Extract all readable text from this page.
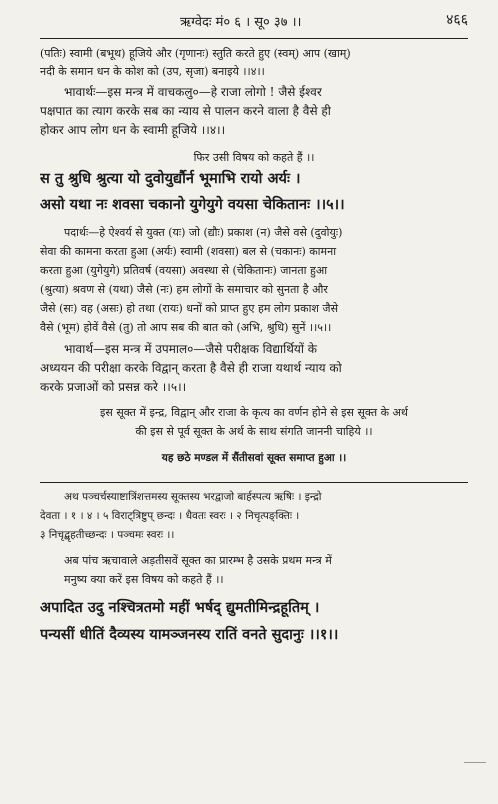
ऋग्वेदः मं० ६ । सू० ३७ ।।	४६६
(पतिः) स्वामी (बभूथ) हूजिये और (गृणानः) स्तुति करते हुए (स्वम्) आप (खाम्)
नदी के समान धन के कोश को (उप, सृजा) बनाइये ।।४।।
भावार्थः—इस मन्त्र में वाचकलु०—हे राजा लोगो ! जैसे ईश्वर
पक्षपात का त्याग करके सब का न्याय से पालन करने वाला है वैसे ही
होकर आप लोग धन के स्वामी हूजिये ।।४।।
फिर उसी विषय को कहते हैं ।।
स तु श्रुधि श्रुत्या यो दुवोयुर्द्यौर्न भूमाभि रायो अर्यः ।
असो यथा नः शवसा चकानो युगेयुगे वयसा चेकितानः ।।५।।
पदार्थः—हे ऐश्वर्य से युक्त (यः) जो (द्यौः) प्रकाश (न) जैसे वसे (दुवोयुः)
सेवा की कामना करता हुआ (अर्यः) स्वामी (शवसा) बल से (चकानः) कामना
करता हुआ (युगेयुगे) प्रतिवर्ष (वयसा) अवस्था से (चेकितानः) जानता हुआ
(श्रुत्या) श्रवण से (यथा) जैसे (नः) हम लोगों के समाचार को सुनता है और
जैसे (सः) वह (असः) हो तथा (रायः) धनों को प्राप्त हुए हम लोग प्रकाश जैसे
वैसे (भूम) होवें वैसे (तु) तो आप सब की बात को (अभि, श्रुधि) सुनें ।।५।।
भावार्थ—इस मन्त्र में उपमाल०—जैसे परीक्षक विद्यार्थियों के
अध्ययन की परीक्षा करके विद्वान् करता है वैसे ही राजा यथार्थ न्याय को
करके प्रजाओं को प्रसन्न करे ।।५।।
इस सूक्त में इन्द्र, विद्वान् और राजा के कृत्य का वर्णन होने से इस सूक्त के अर्थ
की इस से पूर्व सूक्त के अर्थ के साथ संगति जाननी चाहिये ।।
यह छठे मण्डल में सैंतीसवां सूक्त समाप्त हुआ ।।
अथ पञ्चर्चस्याष्टात्रिंशत्तमस्य सूक्तस्य भरद्वाजो बार्हस्पत्य ऋषिः । इन्द्रो
देवता । १ । ४ । ५ विराट्त्रिष्टुप् छन्दः । धैवतः स्वरः । २ निचृत्पङ्क्तिः ।
३ निचृद्बृहतीच्छन्दः । पञ्चमः स्वरः ।।
अब पांच ऋचावाले अड़तीसवें सूक्त का प्रारम्भ है उसके प्रथम मन्त्र में
मनुष्य क्या करें इस विषय को कहते हैं ।।
अपादित उदु नश्चित्रतमो महीं भर्षद् द्युमतीमिन्द्रहूतिम् ।
पन्यसीं धीतिं दैव्यस्य यामञ्जनस्य रातिं वनते सुदानुः ।।१।।
